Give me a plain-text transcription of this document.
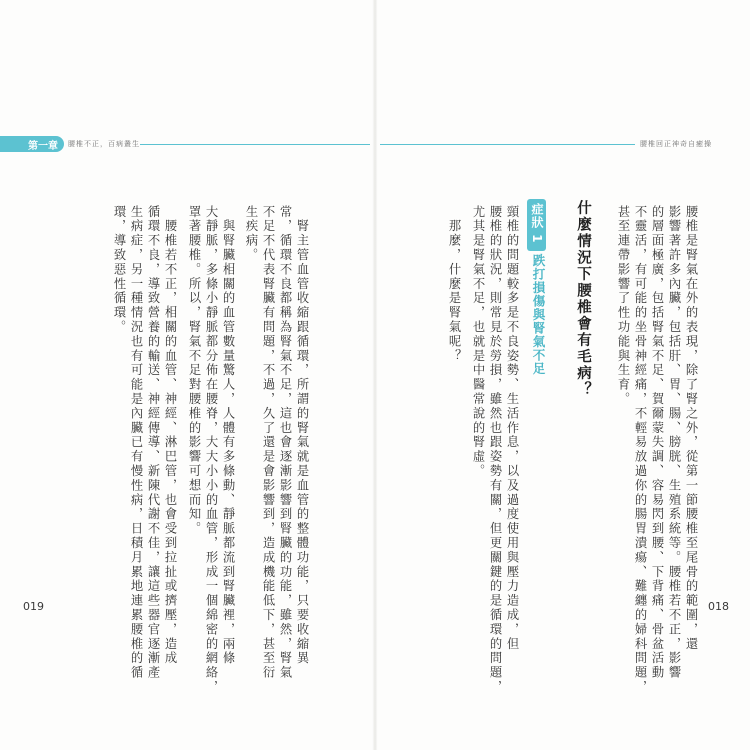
第一章 腰椎不正，百病叢生	腰椎回正神奇自癒操
019	018
腰椎是腎氣在外的表現，除了腎之外，從第一節腰椎至尾骨的範圍，還
影響著許多內臟，包括肝、胃、腸、膀胱、生殖系統等。腰椎若不正，影響
的層面極廣，包括腎氣不足、賀爾蒙失調、容易閃到腰、下背痛、骨盆活動
不靈活，有可能的坐骨神經痛，不輕易放過你的腸胃潰瘍、難纏的婦科問題，
甚至連帶影響了性功能與生育。
什麼情況下腰椎會有毛病？
症狀 1
跌打損傷與腎氣不足
頸椎的問題較多是不良姿勢、生活作息，以及過度使用與壓力造成，但
腰椎的狀況，則常見於勞損，雖然也跟姿勢有關，但更關鍵的是循環的問題，
尤其是腎氣不足，也就是中醫常說的腎虛。
　那麼，什麼是腎氣呢？
　腎主管血管收縮跟循環，所謂的腎氣就是血管的整體功能，只要收縮異
常，循環不良都稱為腎氣不足，這也會逐漸影響到腎臟的功能，雖然，腎氣
不足不代表腎臟有問題，不過，久了還是會影響到，造成機能低下，甚至衍
生疾病。
　與腎臟相關的血管數量驚人，人體有多條動、靜脈都流到腎臟裡，兩條
大靜脈，多條小靜脈都分佈在腰脊，大大小小的血管，形成一個綿密的網絡，
罩著腰椎。所以，腎氣不足對腰椎的影響可想而知。
　腰椎若不正，相關的血管、神經、淋巴管，也會受到拉扯或擠壓，造成
循環不良，導致營養的輸送、神經傳導、新陳代謝不佳，讓這些器官逐漸產
生病症，另一種情況也有可能是內臟已有慢性病，日積月累地連累腰椎的循
環，導致惡性循環。
